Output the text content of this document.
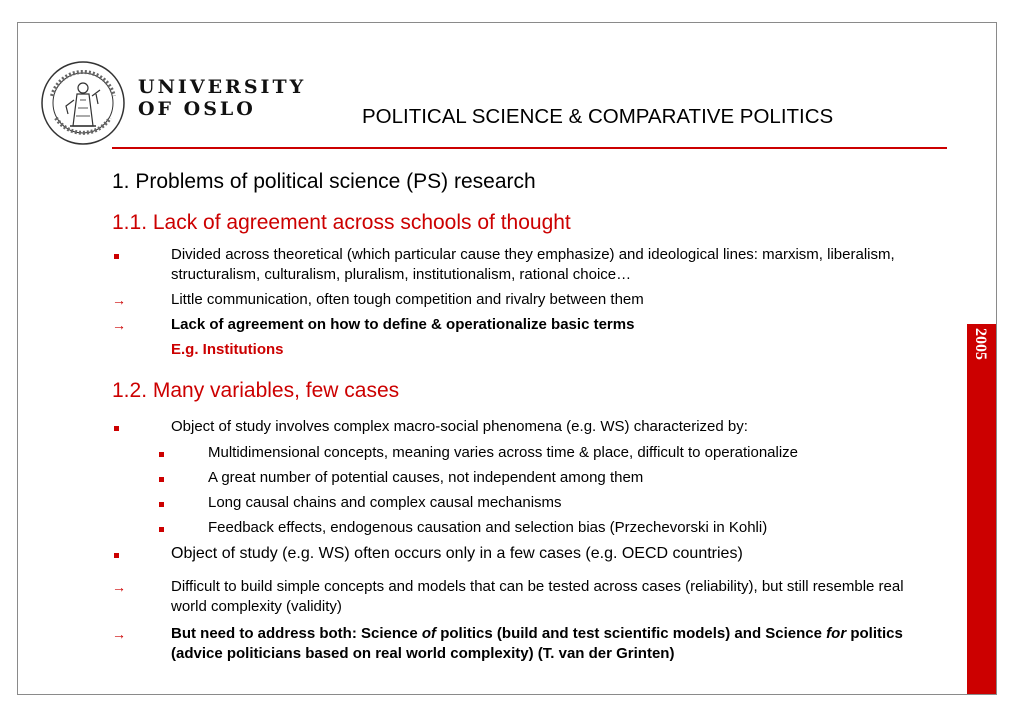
UNIVERSITY
OF OSLO	POLITICAL SCIENCE & COMPARATIVE POLITICS
2005
1. Problems of political science (PS) research
1.1. Lack of agreement across schools of thought
Divided across theoretical (which particular cause they emphasize) and ideological lines: marxism, liberalism, structuralism, culturalism, pluralism, institutionalism, rational choice…
→	Little communication, often tough competition and rivalry between them
→	Lack of agreement on how to define & operationalize basic terms
E.g. Institutions
1.2. Many variables, few cases
Object of study involves complex macro-social phenomena (e.g. WS) characterized by:
Multidimensional concepts, meaning varies across time & place, difficult to operationalize
A great number of potential causes, not independent among them
Long causal chains and complex causal mechanisms
Feedback effects, endogenous causation and selection bias (Przechevorski in Kohli)
Object of study (e.g. WS) often occurs only in a few cases (e.g. OECD countries)
→	Difficult to build simple concepts and models that can be tested across cases (reliability), but still resemble real world complexity (validity)
→	But need to address both: Science of politics (build and test scientific models) and Science for politics (advice politicians based on real world complexity) (T. van der Grinten)
